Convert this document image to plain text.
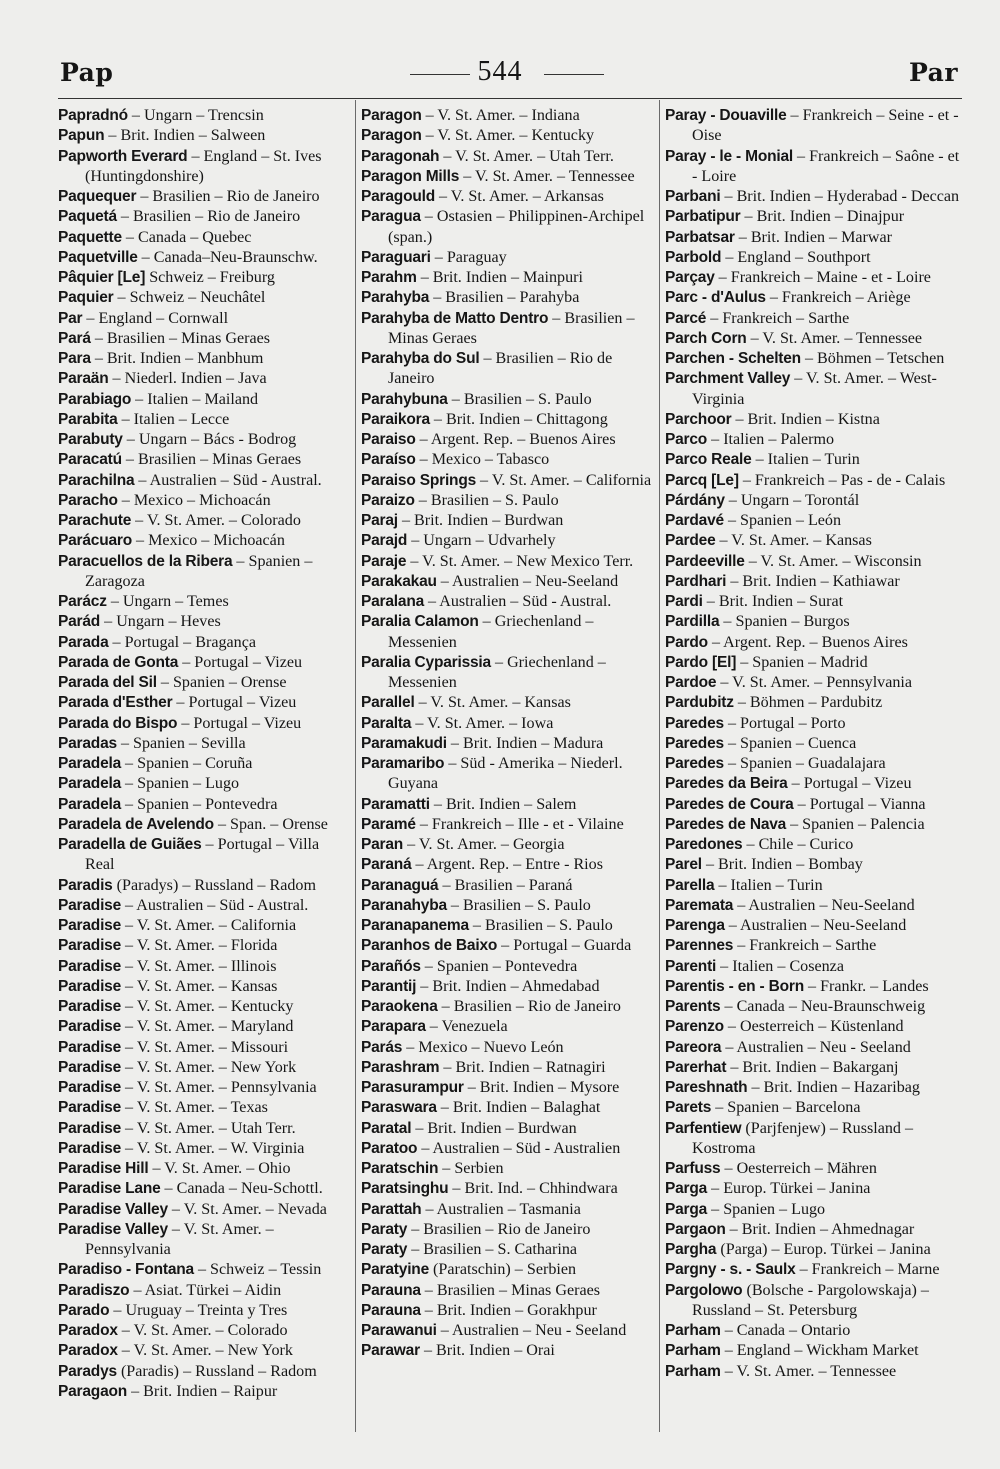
Pap	544	Par
Papradnó – Ungarn – Trencsin
Papun – Brit. Indien – Salween
Papworth Everard – England – St. Ives (Huntingdonshire)
Paquequer – Brasilien – Rio de Janeiro
Paquetá – Brasilien – Rio de Janeiro
Paquette – Canada – Quebec
Paquetville – Canada–Neu-Braunschw.
Pâquier [Le] Schweiz – Freiburg
Paquier – Schweiz – Neuchâtel
Par – England – Cornwall
Pará – Brasilien – Minas Geraes
Para – Brit. Indien – Manbhum
Paraän – Niederl. Indien – Java
Parabiago – Italien – Mailand
Parabita – Italien – Lecce
Parabuty – Ungarn – Bács - Bodrog
Paracatú – Brasilien – Minas Geraes
Parachilna – Australien – Süd - Austral.
Paracho – Mexico – Michoacán
Parachute – V. St. Amer. – Colorado
Parácuaro – Mexico – Michoacán
Paracuellos de la Ribera – Spanien – Zaragoza
Parácz – Ungarn – Temes
Parád – Ungarn – Heves
Parada – Portugal – Bragança
Parada de Gonta – Portugal – Vizeu
Parada del Sil – Spanien – Orense
Parada d'Esther – Portugal – Vizeu
Parada do Bispo – Portugal – Vizeu
Paradas – Spanien – Sevilla
Paradela – Spanien – Coruña
Paradela – Spanien – Lugo
Paradela – Spanien – Pontevedra
Paradela de Avelendo – Span. – Orense
Paradella de Guiães – Portugal – Villa Real
Paradis (Paradys) – Russland – Radom
Paradise – Australien – Süd - Austral.
Paradise – V. St. Amer. – California
Paradise – V. St. Amer. – Florida
Paradise – V. St. Amer. – Illinois
Paradise – V. St. Amer. – Kansas
Paradise – V. St. Amer. – Kentucky
Paradise – V. St. Amer. – Maryland
Paradise – V. St. Amer. – Missouri
Paradise – V. St. Amer. – New York
Paradise – V. St. Amer. – Pennsylvania
Paradise – V. St. Amer. – Texas
Paradise – V. St. Amer. – Utah Terr.
Paradise – V. St. Amer. – W. Virginia
Paradise Hill – V. St. Amer. – Ohio
Paradise Lane – Canada – Neu-Schottl.
Paradise Valley – V. St. Amer. – Nevada
Paradise Valley – V. St. Amer. – Pennsylvania
Paradiso - Fontana – Schweiz – Tessin
Paradiszo – Asiat. Türkei – Aidin
Parado – Uruguay – Treinta y Tres
Paradox – V. St. Amer. – Colorado
Paradox – V. St. Amer. – New York
Paradys (Paradis) – Russland – Radom
Paragaon – Brit. Indien – Raipur
Paragon – V. St. Amer. – Indiana
Paragon – V. St. Amer. – Kentucky
Paragonah – V. St. Amer. – Utah Terr.
Paragon Mills – V. St. Amer. – Tennessee
Paragould – V. St. Amer. – Arkansas
Paragua – Ostasien – Philippinen-Archipel (span.)
Paraguari – Paraguay
Parahm – Brit. Indien – Mainpuri
Parahyba – Brasilien – Parahyba
Parahyba de Matto Dentro – Brasilien – Minas Geraes
Parahyba do Sul – Brasilien – Rio de Janeiro
Parahybuna – Brasilien – S. Paulo
Paraikora – Brit. Indien – Chittagong
Paraiso – Argent. Rep. – Buenos Aires
Paraíso – Mexico – Tabasco
Paraiso Springs – V. St. Amer. – California
Paraizo – Brasilien – S. Paulo
Paraj – Brit. Indien – Burdwan
Parajd – Ungarn – Udvarhely
Paraje – V. St. Amer. – New Mexico Terr.
Parakakau – Australien – Neu-Seeland
Paralana – Australien – Süd - Austral.
Paralia Calamon – Griechenland – Messenien
Paralia Cyparissia – Griechenland – Messenien
Parallel – V. St. Amer. – Kansas
Paralta – V. St. Amer. – Iowa
Paramakudi – Brit. Indien – Madura
Paramaribo – Süd - Amerika – Niederl. Guyana
Paramatti – Brit. Indien – Salem
Paramé – Frankreich – Ille - et - Vilaine
Paran – V. St. Amer. – Georgia
Paraná – Argent. Rep. – Entre - Rios
Paranaguá – Brasilien – Paraná
Paranahyba – Brasilien – S. Paulo
Paranapanema – Brasilien – S. Paulo
Paranhos de Baixo – Portugal – Guarda
Parañós – Spanien – Pontevedra
Parantij – Brit. Indien – Ahmedabad
Paraokena – Brasilien – Rio de Janeiro
Parapara – Venezuela
Parás – Mexico – Nuevo León
Parashram – Brit. Indien – Ratnagiri
Parasurampur – Brit. Indien – Mysore
Paraswara – Brit. Indien – Balaghat
Paratal – Brit. Indien – Burdwan
Paratoo – Australien – Süd - Australien
Paratschin – Serbien
Paratsinghu – Brit. Ind. – Chhindwara
Parattah – Australien – Tasmania
Paraty – Brasilien – Rio de Janeiro
Paraty – Brasilien – S. Catharina
Paratyine (Paratschin) – Serbien
Parauna – Brasilien – Minas Geraes
Parauna – Brit. Indien – Gorakhpur
Parawanui – Australien – Neu - Seeland
Parawar – Brit. Indien – Orai
Paray - Douaville – Frankreich – Seine - et - Oise
Paray - le - Monial – Frankreich – Saône - et - Loire
Parbani – Brit. Indien – Hyderabad - Deccan
Parbatipur – Brit. Indien – Dinajpur
Parbatsar – Brit. Indien – Marwar
Parbold – England – Southport
Parçay – Frankreich – Maine - et - Loire
Parc - d'Aulus – Frankreich – Ariège
Parcé – Frankreich – Sarthe
Parch Corn – V. St. Amer. – Tennessee
Parchen - Schelten – Böhmen – Tetschen
Parchment Valley – V. St. Amer. – West-Virginia
Parchoor – Brit. Indien – Kistna
Parco – Italien – Palermo
Parco Reale – Italien – Turin
Parcq [Le] – Frankreich – Pas - de - Calais
Párdány – Ungarn – Torontál
Pardavé – Spanien – León
Pardee – V. St. Amer. – Kansas
Pardeeville – V. St. Amer. – Wisconsin
Pardhari – Brit. Indien – Kathiawar
Pardi – Brit. Indien – Surat
Pardilla – Spanien – Burgos
Pardo – Argent. Rep. – Buenos Aires
Pardo [El] – Spanien – Madrid
Pardoe – V. St. Amer. – Pennsylvania
Pardubitz – Böhmen – Pardubitz
Paredes – Portugal – Porto
Paredes – Spanien – Cuenca
Paredes – Spanien – Guadalajara
Paredes da Beira – Portugal – Vizeu
Paredes de Coura – Portugal – Vianna
Paredes de Nava – Spanien – Palencia
Paredones – Chile – Curico
Parel – Brit. Indien – Bombay
Parella – Italien – Turin
Paremata – Australien – Neu-Seeland
Parenga – Australien – Neu-Seeland
Parennes – Frankreich – Sarthe
Parenti – Italien – Cosenza
Parentis - en - Born – Frankr. – Landes
Parents – Canada – Neu-Braunschweig
Parenzo – Oesterreich – Küstenland
Pareora – Australien – Neu - Seeland
Parerhat – Brit. Indien – Bakarganj
Pareshnath – Brit. Indien – Hazaribag
Parets – Spanien – Barcelona
Parfentiew (Parjfenjew) – Russland – Kostroma
Parfuss – Oesterreich – Mähren
Parga – Europ. Türkei – Janina
Parga – Spanien – Lugo
Pargaon – Brit. Indien – Ahmednagar
Pargha (Parga) – Europ. Türkei – Janina
Pargny - s. - Saulx – Frankreich – Marne
Pargolowo (Bolsche - Pargolowskaja) – Russland – St. Petersburg
Parham – Canada – Ontario
Parham – England – Wickham Market
Parham – V. St. Amer. – Tennessee
